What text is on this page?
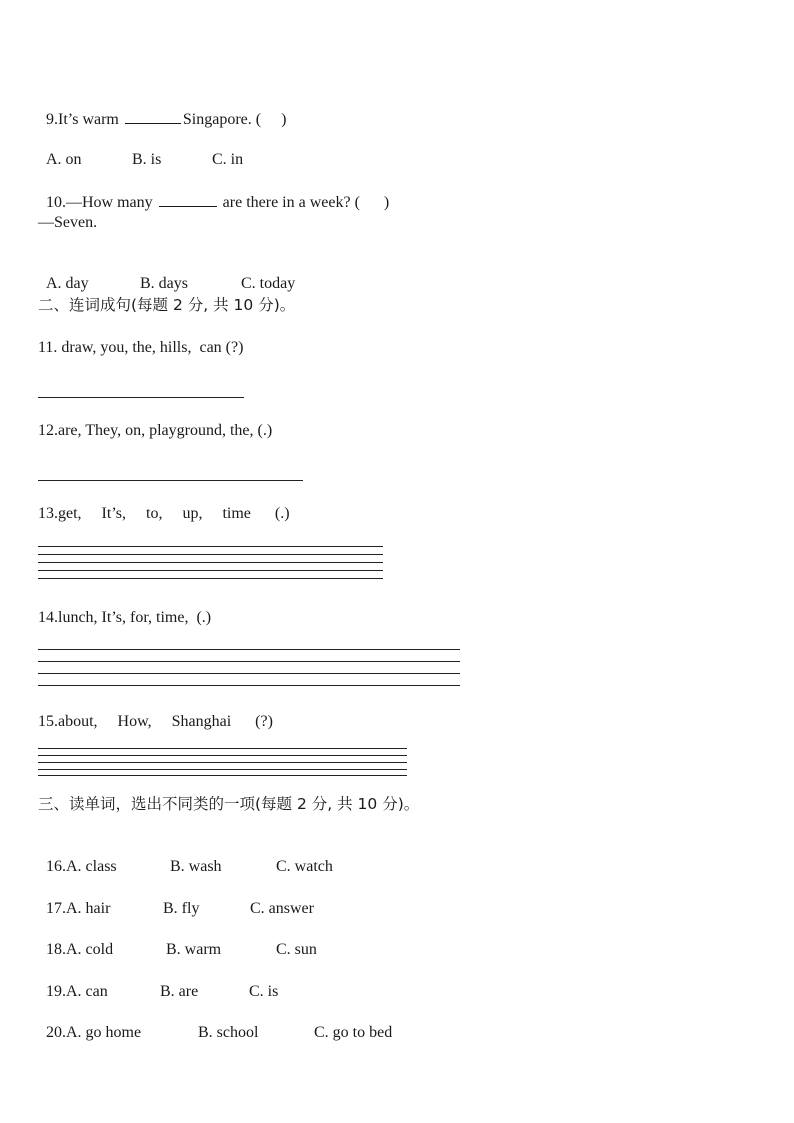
9.It’s warm	Singapore. (     )

A. on	B. is	C. in

10.—How many	are there in a week? (      )

—Seven.

A. day	B. days	C. today

二、连词成句(每题 2 分, 共 10 分)。
11. draw, you, the, hills,  can (?)
12.are, They, on, playground, the, (.)
13.get,     It’s,     to,     up,     time      (.)
14.lunch, It’s, for, time,  (.)
15.about,     How,     Shanghai      (?)
三、读单词，选出不同类的一项(每题 2 分, 共 10 分)。

16.A. class	B. wash	C. watch

17.A. hair	B. fly	C. answer

18.A. cold	B. warm	C. sun

19.A. can	B. are	C. is

20.A. go home	B. school	C. go to bed
